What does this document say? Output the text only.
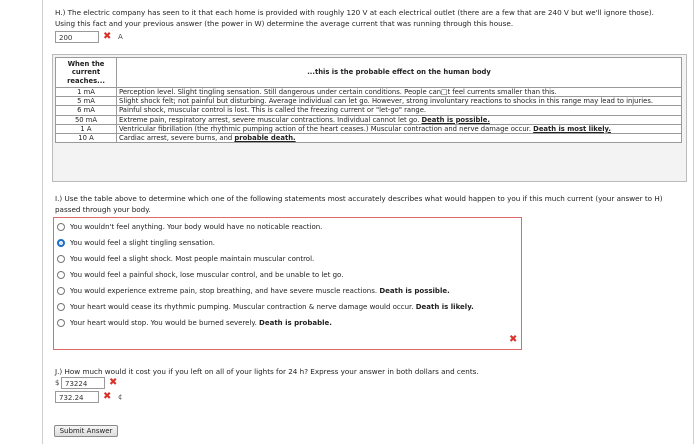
H.) The electric company has seen to it that each home is provided with roughly 120 V at each electrical outlet (there are a few that are 240 V but we'll ignore those). Using this fact and your previous answer (the power in W) determine the average current that was running through this house.
200	✖ A
When the current reaches...	...this is the probable effect on the human body
1 mA	Perception level. Slight tingling sensation. Still dangerous under certain conditions. People can□t feel currents smaller than this.
5 mA	Slight shock felt; not painful but disturbing. Average individual can let go. However, strong involuntary reactions to shocks in this range may lead to injuries.
6 mA	Painful shock, muscular control is lost. This is called the freezing current or "let-go" range.
50 mA	Extreme pain, respiratory arrest, severe muscular contractions. Individual cannot let go. Death is possible.
1 A	Ventricular fibrillation (the rhythmic pumping action of the heart ceases.) Muscular contraction and nerve damage occur. Death is most likely.
10 A	Cardiac arrest, severe burns, and probable death.
I.) Use the table above to determine which one of the following statements most accurately describes what would happen to you if this much current (your answer to H) passed through your body.
You wouldn't feel anything. Your body would have no noticable reaction.
You would feel a slight tingling sensation.
You would feel a slight shock. Most people maintain muscular control.
You would feel a painful shock, lose muscular control, and be unable to let go.
You would experience extreme pain, stop breathing, and have severe muscle reactions. Death is possible.
Your heart would cease its rhythmic pumping. Muscular contraction & nerve damage would occur. Death is likely.
Your heart would stop. You would be burned severely. Death is probable.
✖
J.) How much would it cost you if you left on all of your lights for 24 h? Express your answer in both dollars and cents.
$ 73224	✖
732.24	✖ ¢
Submit Answer
